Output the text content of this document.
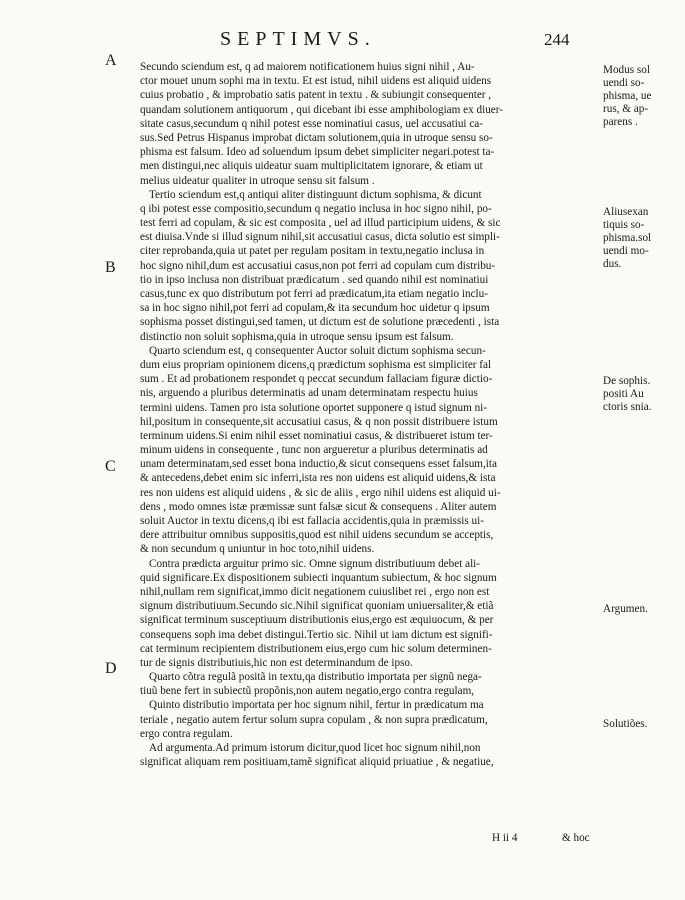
SEPTIMVS.	244
A
B
C
D
Secundo sciendum est, q ad maiorem notificationem huius signi nihil , Au-
ctor mouet unum sophi ma in textu. Et est istud, nihil uidens est aliquid uidens
cuius probatio , & improbatio satis patent in textu . & subiungit consequenter ,
quandam solutionem antiquorum , qui dicebant ibi esse amphibologiam ex diuer-
sitate casus,secundum q nihil potest esse nominatiui casus, uel accusatiui ca-
sus.Sed Petrus Hispanus improbat dictam solutionem,quia in utroque sensu so-
phisma est falsum. Ideo ad soluendum ipsum debet simpliciter negari.potest ta-
men distingui,nec aliquis uideatur suam multiplicitatem ignorare, & etiam ut
melius uideatur qualiter in utroque sensu sit falsum .
Tertio sciendum est,q antiqui aliter distinguunt dictum sophisma, & dicunt
q ibi potest esse compositio,secundum q negatio inclusa in hoc signo nihil, po-
test ferri ad copulam, & sic est composita , uel ad illud participium uidens, & sic
est diuisa.Vnde si illud signum nihil,sit accusatiui casus, dicta solutio est simpli-
citer reprobanda,quia ut patet per regulam positam in textu,negatio inclusa in
hoc signo nihil,dum est accusatiui casus,non pot ferri ad copulam cum distribu-
tio in ipso inclusa non distribuat prædicatum . sed quando nihil est nominatiui
casus,tunc ex quo distributum pot ferri ad prædicatum,ita etiam negatio inclu-
sa in hoc signo nihil,pot ferri ad copulam,& ita secundum hoc uidetur q ipsum
sophisma posset distingui,sed tamen, ut dictum est de solutione præcedenti , ista
distinctio non soluit sophisma,quia in utroque sensu ipsum est falsum.
Quarto sciendum est, q consequenter Auctor soluit dictum sophisma secun-
dum eius propriam opinionem dicens,q prædictum sophisma est simpliciter fal
sum . Et ad probationem respondet q peccat secundum fallaciam figuræ dictio-
nis, arguendo a pluribus determinatis ad unam determinatam respectu huius
termini uidens. Tamen pro ista solutione oportet supponere q istud signum ni-
hil,positum in consequente,sit accusatiui casus, & q non possit distribuere istum
terminum uidens.Si enim nihil esset nominatiui casus, & distribueret istum ter-
minum uidens in consequente , tunc non argueretur a pluribus determinatis ad
unam determinatam,sed esset bona inductio,& sicut consequens esset falsum,ita
& antecedens,debet enim sic inferri,ista res non uidens est aliquid uidens,& ista
res non uidens est aliquid uidens , & sic de aliis , ergo nihil uidens est aliquid ui-
dens , modo omnes istæ præmissæ sunt falsæ sicut & consequens . Aliter autem
soluit Auctor in textu dicens,q ibi est fallacia accidentis,quia in præmissis ui-
dere attribuitur omnibus suppositis,quod est nihil uidens secundum se acceptis,
& non secundum q uniuntur in hoc toto,nihil uidens.
Contra prædicta arguitur primo sic. Omne signum distributiuum debet ali-
quid significare.Ex dispositionem subiecti inquantum subiectum, & hoc signum
nihil,nullam rem significat,immo dicit negationem cuiuslibet rei , ergo non est
signum distributiuum.Secundo sic.Nihil significat quoniam uniuersaliter,& etiã
significat terminum susceptiuum distributionis eius,ergo est æquiuocum, & per
consequens soph ima debet distingui.Tertio sic. Nihil ut iam dictum est signifi-
cat terminum recipientem distributionem eius,ergo cum hic solum determinen-
tur de signis distributiuis,hic non est determinandum de ipso.
Quarto cõtra regulã positã in textu,qa distributio importata per signũ nega-
tiuũ bene fert in subiectũ propõnis,non autem negatio,ergo contra regulam,
Quinto distributio importata per hoc signum nihil, fertur in prædicatum ma
teriale , negatio autem fertur solum supra copulam , & non supra prædicatum,
ergo contra regulam.
Ad argumenta.Ad primum istorum dicitur,quod licet hoc signum nihil,non
significat aliquam rem positiuam,tamẽ significat aliquid priuatiue , & negatiue,
Modus sol
uendi so-
phisma, ue
rus, & ap-
parens .
Aliusexan
tiquis so-
phisma.sol
uendi mo-
dus.
De sophis.
positi Au
ctoris snia.
Argumen.
Solutiões.
H ii 4	& hoc
